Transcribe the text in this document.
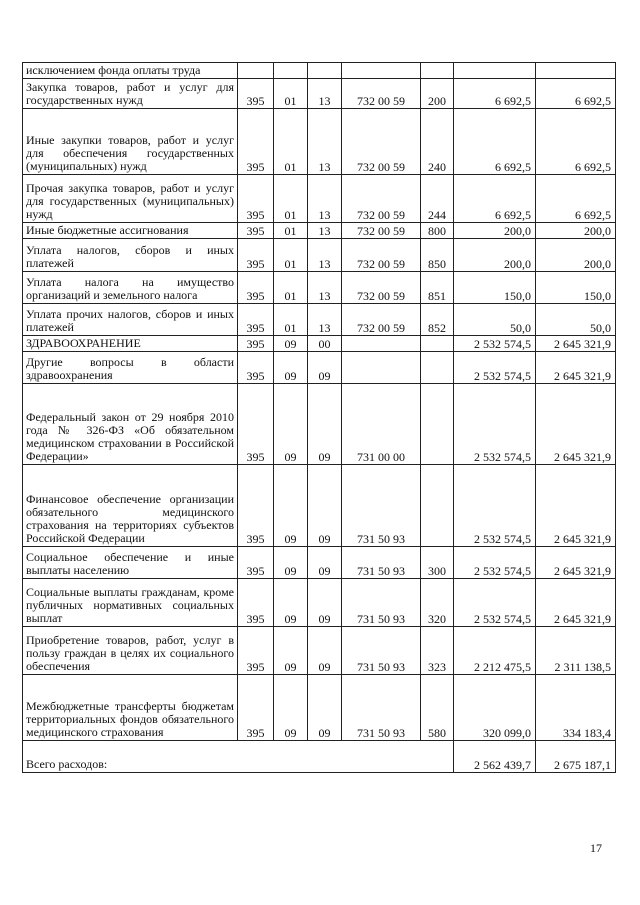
исключением фонда оплаты труда							
Закупка товаров, работ и услуг для государственных нужд	395	01	13	732 00 59	200	6 692,5	6 692,5
Иные закупки товаров, работ и услуг для обеспечения государственных (муниципальных) нужд	395	01	13	732 00 59	240	6 692,5	6 692,5
Прочая закупка товаров, работ и услуг для государственных (муниципальных) нужд	395	01	13	732 00 59	244	6 692,5	6 692,5
Иные бюджетные ассигнования	395	01	13	732 00 59	800	200,0	200,0
Уплата налогов, сборов и иных платежей	395	01	13	732 00 59	850	200,0	200,0
Уплата налога на имущество организаций и земельного налога	395	01	13	732 00 59	851	150,0	150,0
Уплата прочих налогов, сборов и иных платежей	395	01	13	732 00 59	852	50,0	50,0
ЗДРАВООХРАНЕНИЕ	395	09	00			2 532 574,5	2 645 321,9
Другие вопросы в области здравоохранения	395	09	09			2 532 574,5	2 645 321,9
Федеральный закон от 29 ноября 2010 года № 326-ФЗ «Об обязательном медицинском страховании в Российской Федерации»	395	09	09	731 00 00		2 532 574,5	2 645 321,9
Финансовое обеспечение организации обязательного медицинского страхования на территориях субъектов Российской Федерации	395	09	09	731 50 93		2 532 574,5	2 645 321,9
Социальное обеспечение и иные выплаты населению	395	09	09	731 50 93	300	2 532 574,5	2 645 321,9
Социальные выплаты гражданам, кроме публичных нормативных социальных выплат	395	09	09	731 50 93	320	2 532 574,5	2 645 321,9
Приобретение товаров, работ, услуг в пользу граждан в целях их социального обеспечения	395	09	09	731 50 93	323	2 212 475,5	2 311 138,5
Межбюджетные трансферты бюджетам территориальных фондов обязательного медицинского страхования	395	09	09	731 50 93	580	320 099,0	334 183,4
Всего расходов:						2 562 439,7	2 675 187,1
17
